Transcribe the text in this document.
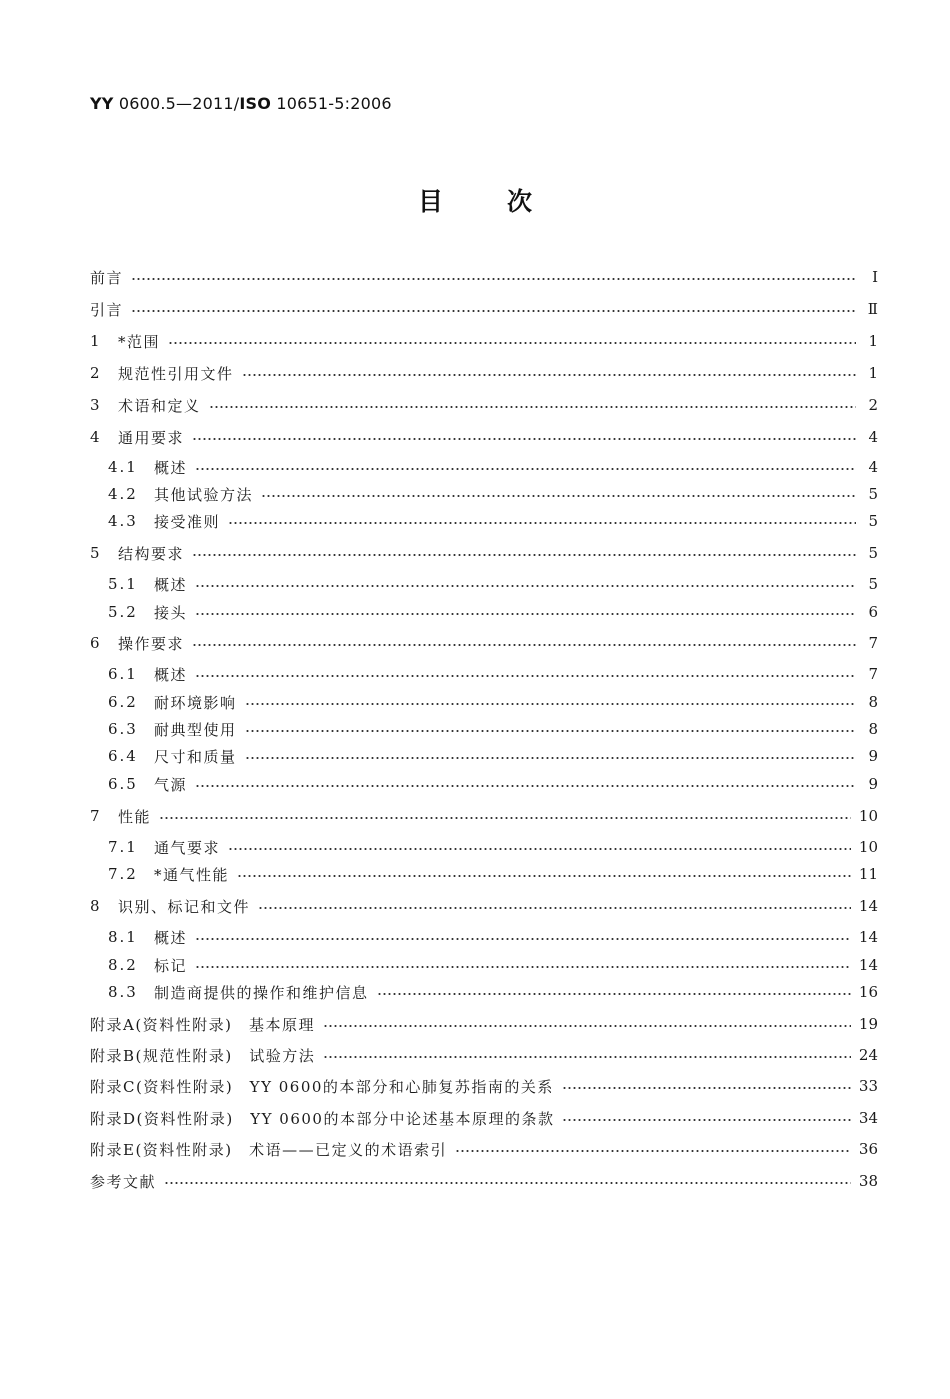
YY 0600.5—2011/ISO 10651-5:2006
目次
前言	Ⅰ
引言	Ⅱ
1	*范围	1
2	规范性引用文件	1
3	术语和定义	2
4	通用要求	4
4.1	概述	4
4.2	其他试验方法	5
4.3	接受准则	5
5	结构要求	5
5.1	概述	5
5.2	接头	6
6	操作要求	7
6.1	概述	7
6.2	耐环境影响	8
6.3	耐典型使用	8
6.4	尺寸和质量	9
6.5	气源	9
7	性能	10
7.1	通气要求	10
7.2	*通气性能	11
8	识别、标记和文件	14
8.1	概述	14
8.2	标记	14
8.3	制造商提供的操作和维护信息	16
附录A(资料性附录)　基本原理	19
附录B(规范性附录)　试验方法	24
附录C(资料性附录)　YY 0600的本部分和心肺复苏指南的关系	33
附录D(资料性附录)　YY 0600的本部分中论述基本原理的条款	34
附录E(资料性附录)　术语——已定义的术语索引	36
参考文献	38
